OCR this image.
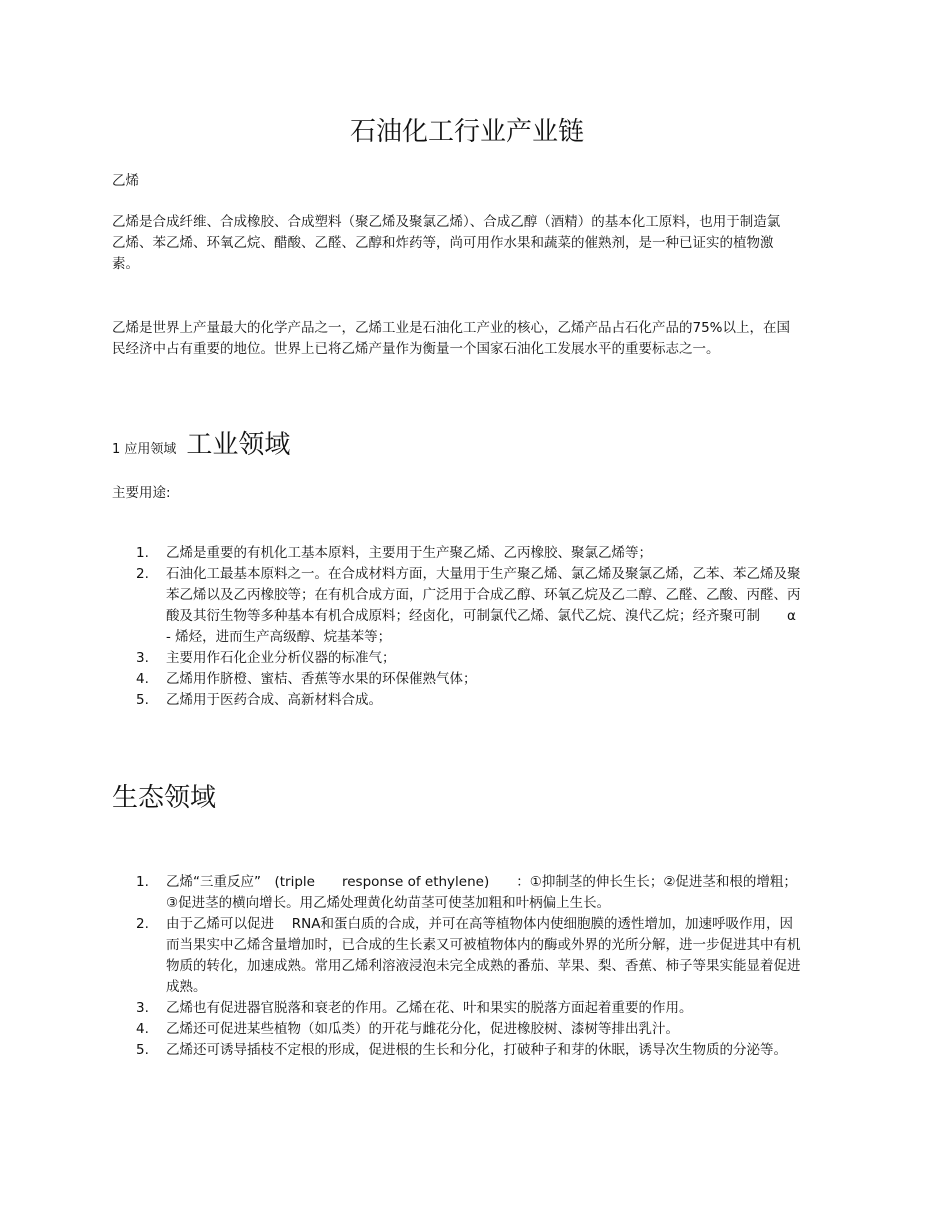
石油化工行业产业链

乙烯

乙烯是合成纤维、合成橡胶、合成塑料（聚乙烯及聚氯乙烯）、合成乙醇（酒精）的基本化工原料，也用于制造氯乙烯、苯乙烯、环氧乙烷、醋酸、乙醛、乙醇和炸药等，尚可用作水果和蔬菜的催熟剂，是一种已证实的植物激素。

乙烯是世界上产量最大的化学产品之一，乙烯工业是石油化工产业的核心，乙烯产品占石化产品的75%以上，在国民经济中占有重要的地位。世界上已将乙烯产量作为衡量一个国家石油化工发展水平的重要标志之一。

1 应用领域 工业领域

主要用途:

1. 乙烯是重要的有机化工基本原料，主要用于生产聚乙烯、乙丙橡胶、聚氯乙烯等；
2. 石油化工最基本原料之一。在合成材料方面，大量用于生产聚乙烯、氯乙烯及聚氯乙烯，乙苯、苯乙烯及聚苯乙烯以及乙丙橡胶等；在有机合成方面，广泛用于合成乙醇、环氧乙烷及乙二醇、乙醛、乙酸、丙醛、丙酸及其衍生物等多种基本有机合成原料；经卤化，可制氯代乙烯、氯代乙烷、溴代乙烷；经齐聚可制　　α - 烯烃，进而生产高级醇、烷基苯等；
3. 主要用作石化企业分析仪器的标准气；
4. 乙烯用作脐橙、蜜桔、香蕉等水果的环保催熟气体；
5. 乙烯用于医药合成、高新材料合成。
生态领域
1. 乙烯“三重反应”　(triple　　response of ethylene)　　：①抑制茎的伸长生长；②促进茎和根的增粗；③促进茎的横向增长。用乙烯处理黄化幼苗茎可使茎加粗和叶柄偏上生长。
2. 由于乙烯可以促进　 RNA和蛋白质的合成，并可在高等植物体内使细胞膜的透性增加，加速呼吸作用，因而当果实中乙烯含量增加时，已合成的生长素又可被植物体内的酶或外界的光所分解，进一步促进其中有机物质的转化，加速成熟。常用乙烯利溶液浸泡未完全成熟的番茄、苹果、梨、香蕉、柿子等果实能显着促进成熟。
3. 乙烯也有促进器官脱落和衰老的作用。乙烯在花、叶和果实的脱落方面起着重要的作用。
4. 乙烯还可促进某些植物（如瓜类）的开花与雌花分化，促进橡胶树、漆树等排出乳汁。
5. 乙烯还可诱导插枝不定根的形成，促进根的生长和分化，打破种子和芽的休眠，诱导次生物质的分泌等。
